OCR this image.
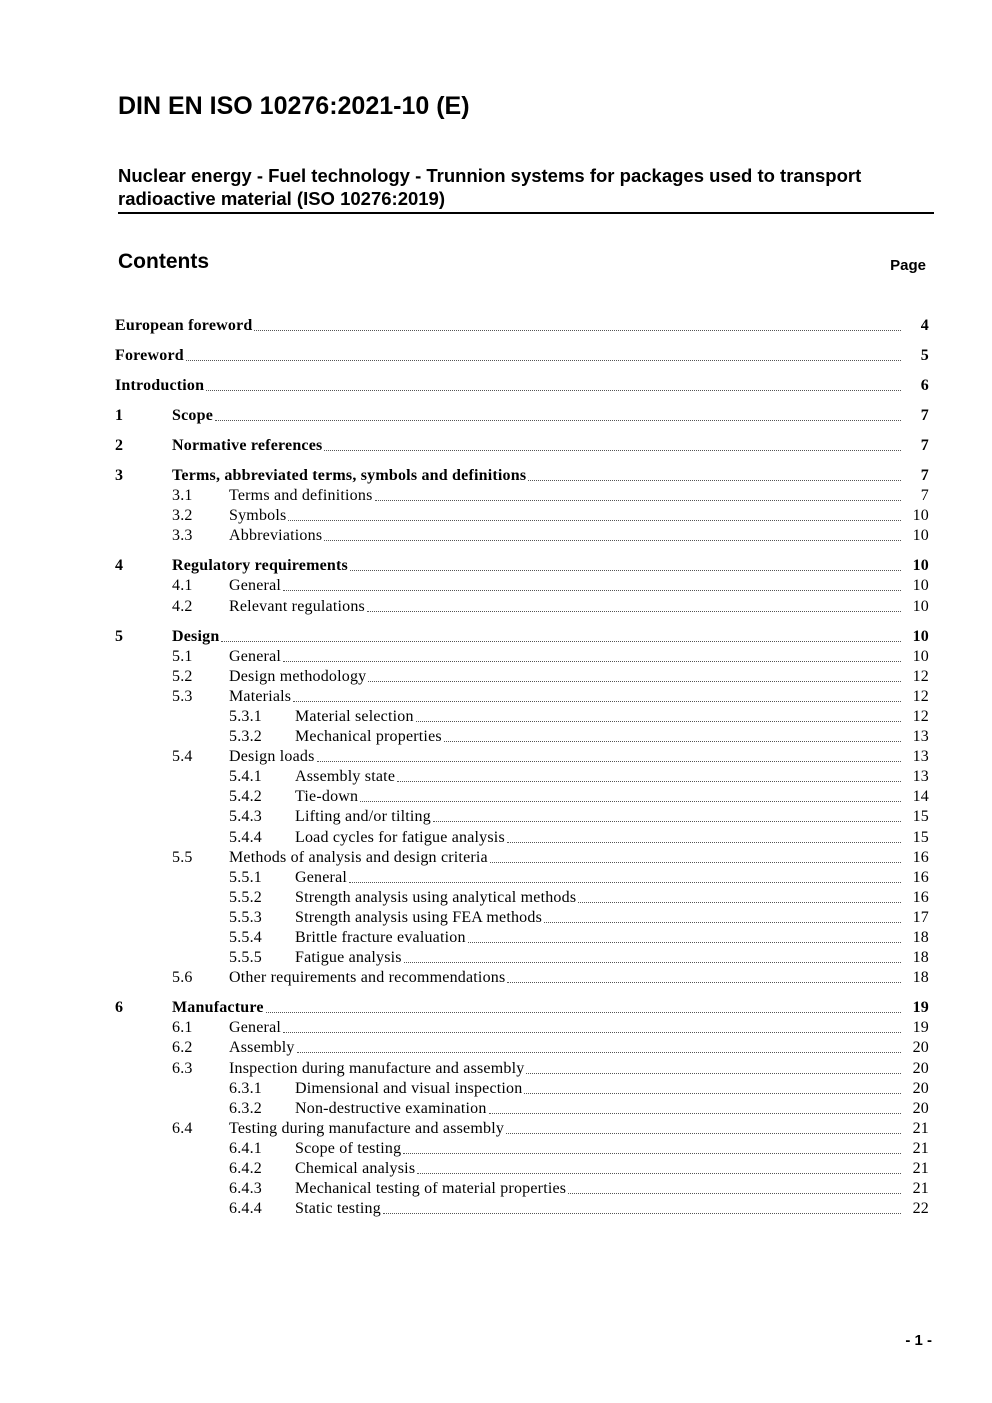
DIN EN ISO 10276:2021-10 (E)
Nuclear energy - Fuel technology - Trunnion systems for packages used to transport radioactive material (ISO 10276:2019)
Contents	Page
European foreword	4
Foreword	5
Introduction	6
1	Scope	7
2	Normative references	7
3	Terms, abbreviated terms, symbols and definitions	7
3.1 Terms and definitions	7
3.2 Symbols	10
3.3 Abbreviations	10
4	Regulatory requirements	10
4.1 General	10
4.2 Relevant regulations	10
5	Design	10
5.1 General	10
5.2 Design methodology	12
5.3 Materials	12
5.3.1 Material selection	12
5.3.2 Mechanical properties	13
5.4 Design loads	13
5.4.1 Assembly state	13
5.4.2 Tie-down	14
5.4.3 Lifting and/or tilting	15
5.4.4 Load cycles for fatigue analysis	15
5.5 Methods of analysis and design criteria	16
5.5.1 General	16
5.5.2 Strength analysis using analytical methods	16
5.5.3 Strength analysis using FEA methods	17
5.5.4 Brittle fracture evaluation	18
5.5.5 Fatigue analysis	18
5.6 Other requirements and recommendations	18
6	Manufacture	19
6.1 General	19
6.2 Assembly	20
6.3 Inspection during manufacture and assembly	20
6.3.1 Dimensional and visual inspection	20
6.3.2 Non-destructive examination	20
6.4 Testing during manufacture and assembly	21
6.4.1 Scope of testing	21
6.4.2 Chemical analysis	21
6.4.3 Mechanical testing of material properties	21
6.4.4 Static testing	22
- 1 -
